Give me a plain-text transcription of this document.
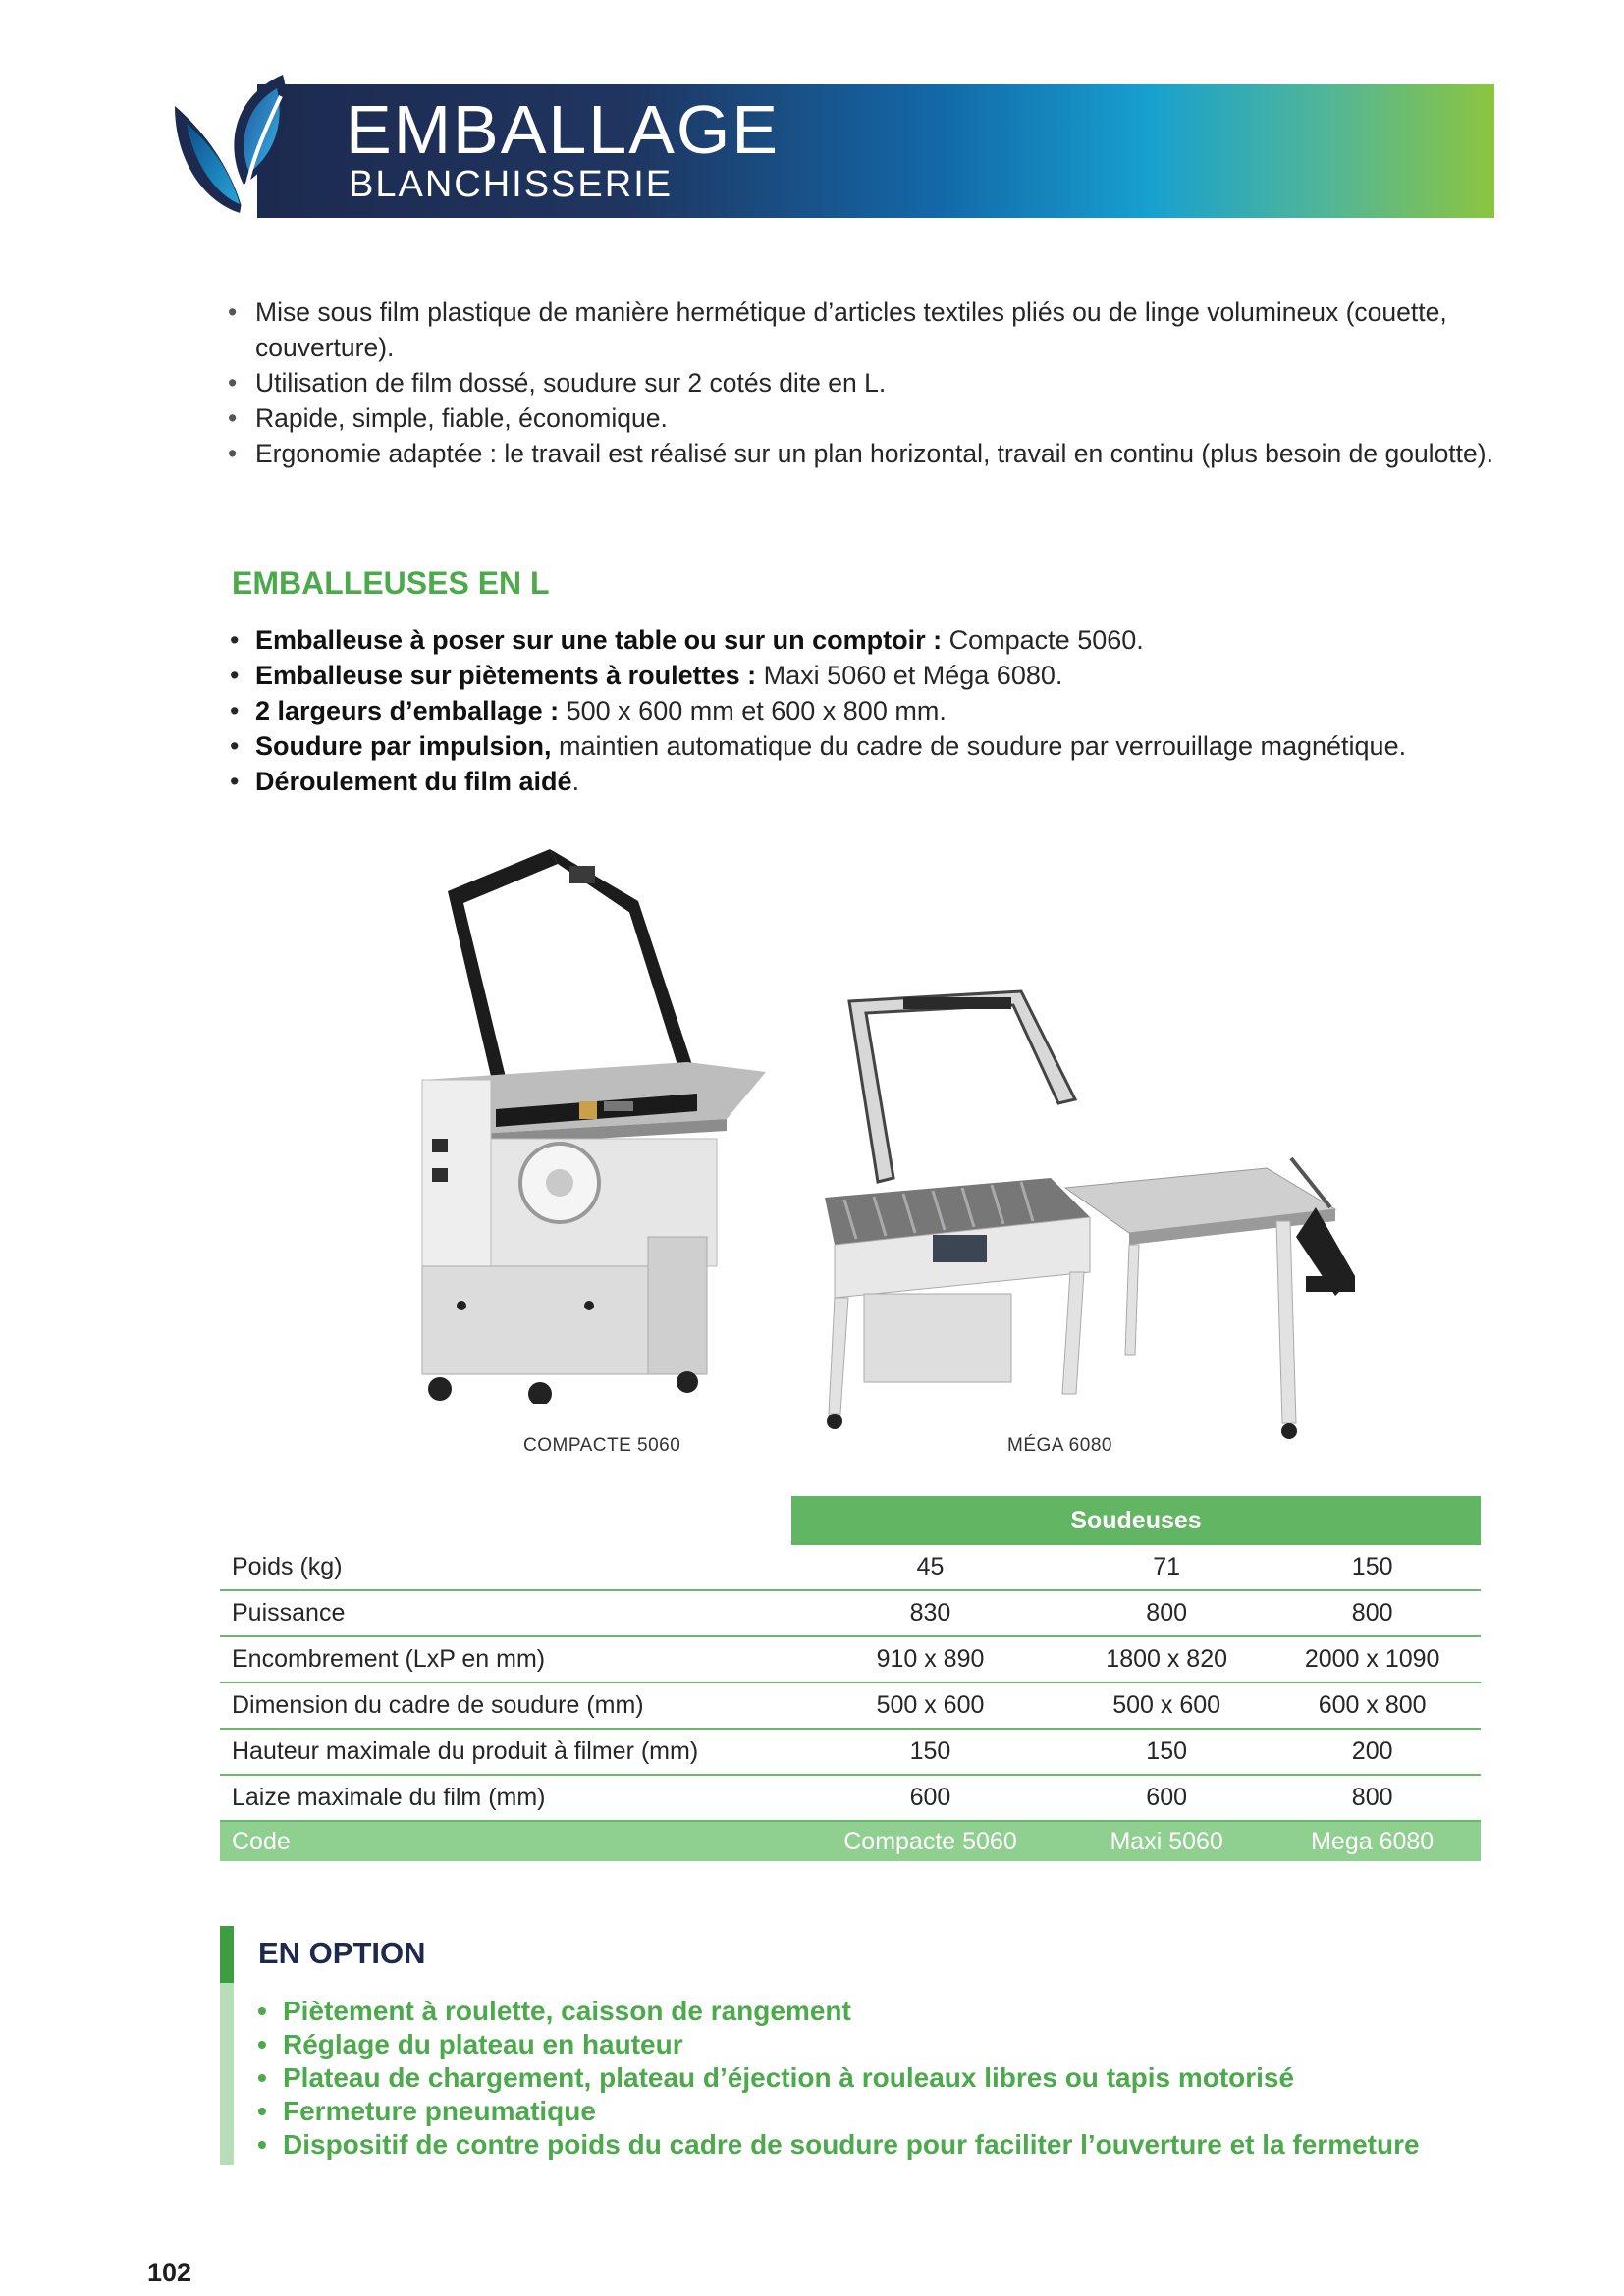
EMBALLAGE
BLANCHISSERIE
• Mise sous film plastique de manière hermétique d’articles textiles pliés ou de linge volumineux (couette, couverture).
• Utilisation de film dossé, soudure sur 2 cotés dite en L.
• Rapide, simple, fiable, économique.
• Ergonomie adaptée : le travail est réalisé sur un plan horizontal, travail en continu (plus besoin de goulotte).
EMBALLEUSES EN L
• Emballeuse à poser sur une table ou sur un comptoir : Compacte 5060.
• Emballeuse sur piètements à roulettes : Maxi 5060 et Méga 6080.
• 2 largeurs d’emballage : 500 x 600 mm et 600 x 800 mm.
• Soudure par impulsion, maintien automatique du cadre de soudure par verrouillage magnétique.
• Déroulement du film aidé.
COMPACTE 5060	MÉGA 6080
	Soudeuses		
Poids (kg)	45	71	150
Puissance	830	800	800
Encombrement (LxP en mm)	910 x 890	1800 x 820	2000 x 1090
Dimension du cadre de soudure (mm)	500 x 600	500 x 600	600 x 800
Hauteur maximale du produit à filmer (mm)	150	150	200
Laize maximale du film (mm)	600	600	800
Code	Compacte 5060	Maxi 5060	Mega 6080
EN OPTION
• Piètement à roulette, caisson de rangement
• Réglage du plateau en hauteur
• Plateau de chargement, plateau d’éjection à rouleaux libres ou tapis motorisé
• Fermeture pneumatique
• Dispositif de contre poids du cadre de soudure pour faciliter l’ouverture et la fermeture
102
